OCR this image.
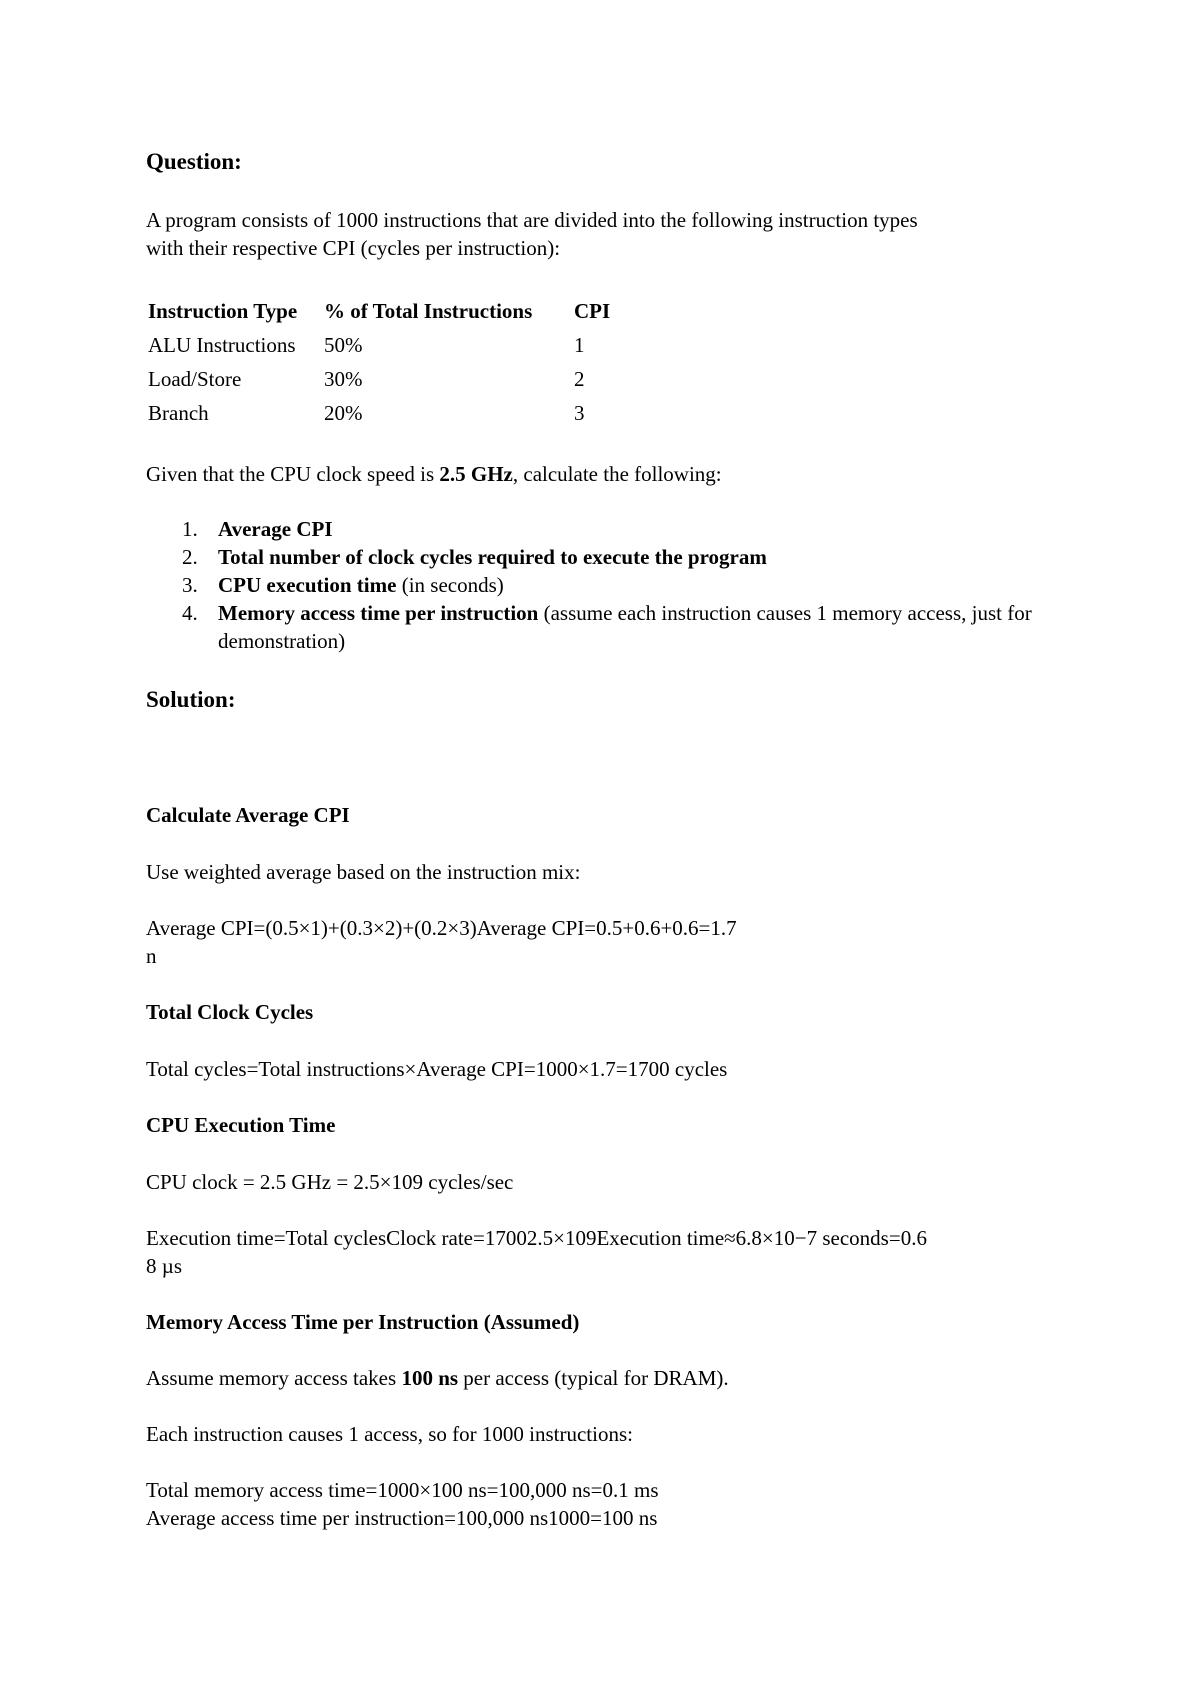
Question:
A program consists of 1000 instructions that are divided into the following instruction types
with their respective CPI (cycles per instruction):
Instruction Type	% of Total Instructions	CPI
ALU Instructions	50%	1
Load/Store	30%	2
Branch	20%	3
Given that the CPU clock speed is 2.5 GHz, calculate the following:
1. Average CPI
2. Total number of clock cycles required to execute the program
3. CPU execution time (in seconds)
4. Memory access time per instruction (assume each instruction causes 1 memory access, just for demonstration)
Solution:
Calculate Average CPI
Use weighted average based on the instruction mix:
Average CPI=(0.5×1)+(0.3×2)+(0.2×3)Average CPI=0.5+0.6+0.6=1.7
n
Total Clock Cycles
Total cycles=Total instructions×Average CPI=1000×1.7=1700 cycles
CPU Execution Time
CPU clock = 2.5 GHz = 2.5×109 cycles/sec
Execution time=Total cyclesClock rate=17002.5×109Execution time≈6.8×10−7 seconds=0.6
8 µs
Memory Access Time per Instruction (Assumed)
Assume memory access takes 100 ns per access (typical for DRAM).
Each instruction causes 1 access, so for 1000 instructions:
Total memory access time=1000×100 ns=100,000 ns=0.1 ms
Average access time per instruction=100,000 ns1000=100 ns
